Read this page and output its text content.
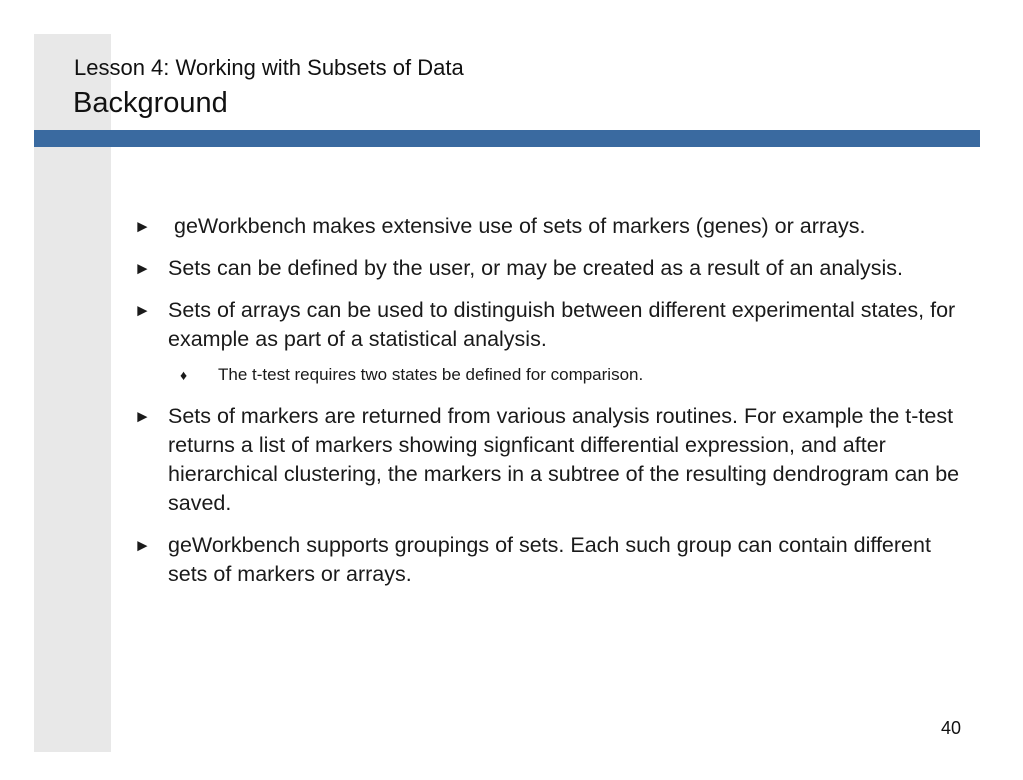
Lesson 4: Working with Subsets of Data
Background
► geWorkbench makes extensive use of sets of markers (genes) or arrays.
► Sets can be defined by the user, or may be created as a result of an analysis.
► Sets of arrays can be used to distinguish between different experimental states, for example as part of a statistical analysis.
♦ The t-test requires two states be defined for comparison.
► Sets of markers are returned from various analysis routines. For example the t-test returns a list of markers showing signficant differential expression, and after hierarchical clustering, the markers in a subtree of the resulting dendrogram can be saved.
► geWorkbench supports groupings of sets. Each such group can contain different sets of markers or arrays.
40
